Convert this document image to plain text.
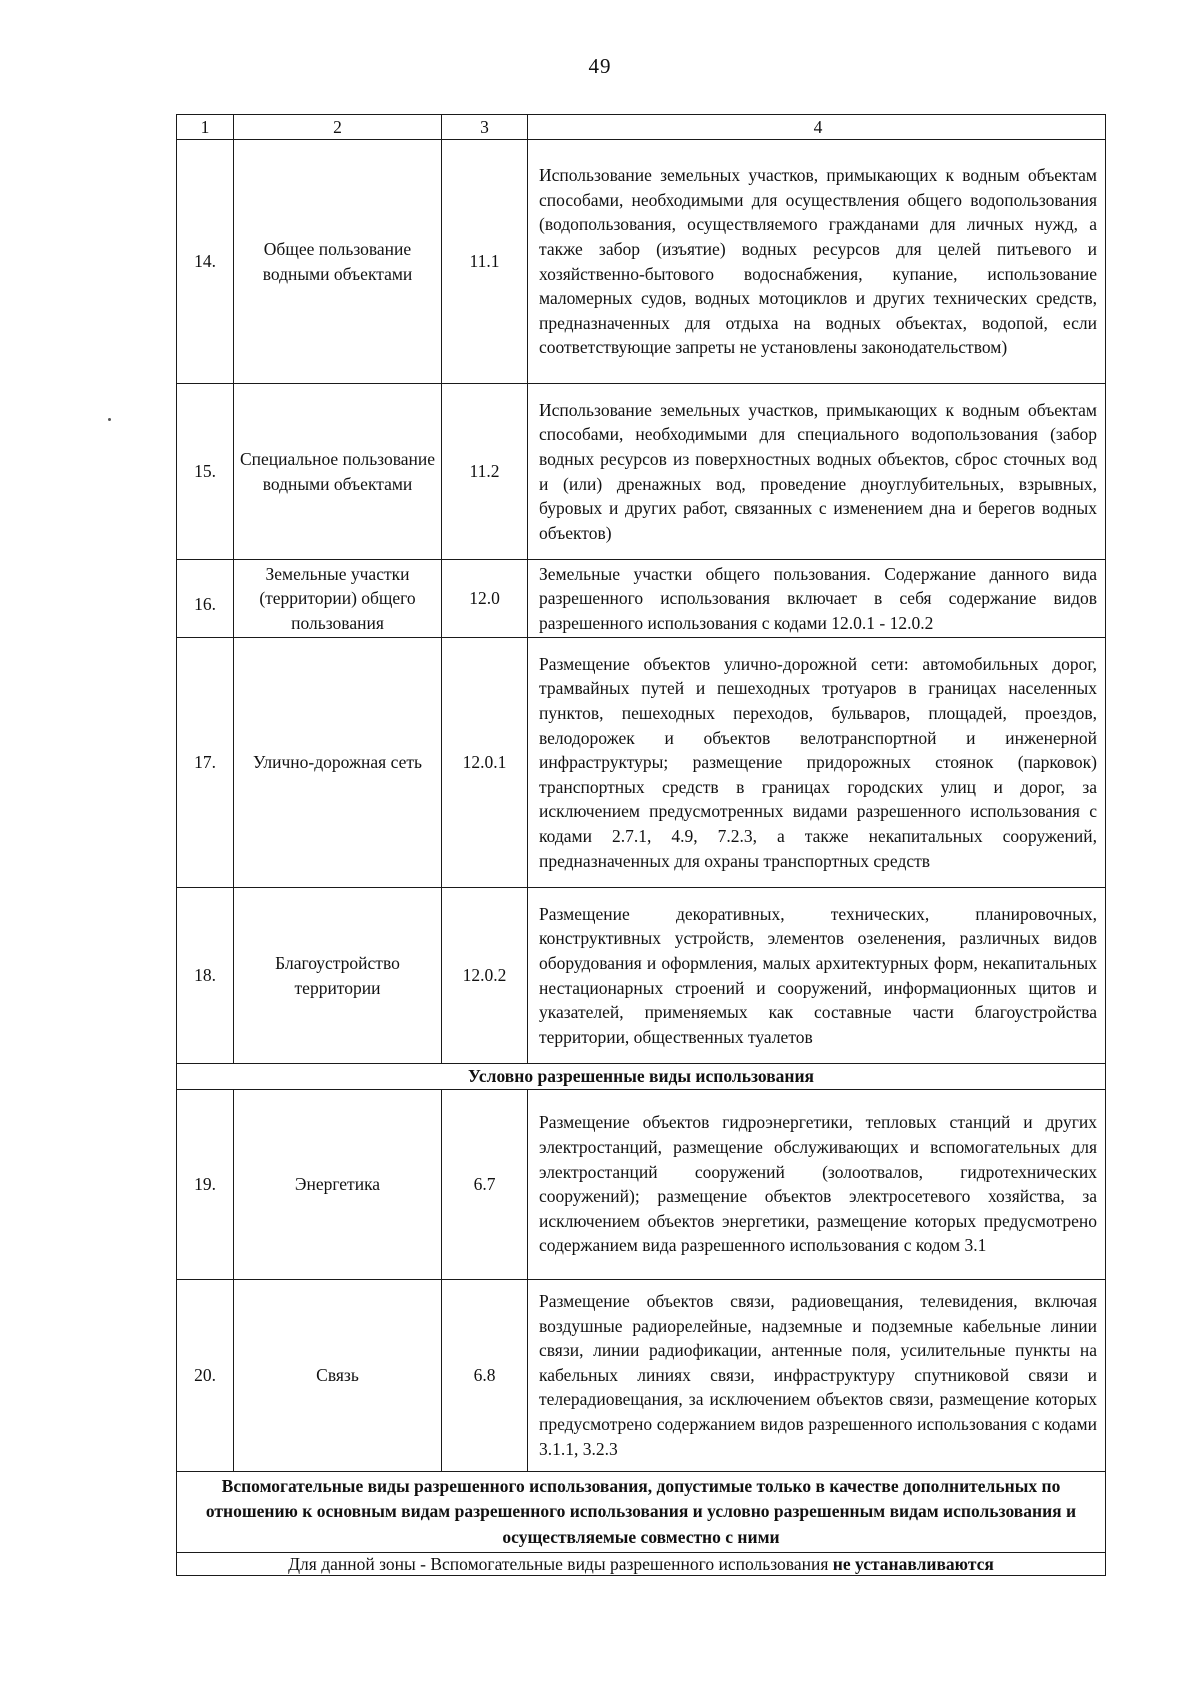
49
1	2	3	4
14.	Общее пользование водными объектами	11.1	Использование земельных участков, примыкающих к водным объектам способами, необходимыми для осуществления общего водопользования (водопользования, осуществляемого гражданами для личных нужд, а также забор (изъятие) водных ресурсов для целей питьевого и хозяйственно-бытового водоснабжения, купание, использование маломерных судов, водных мотоциклов и других технических средств, предназначенных для отдыха на водных объектах, водопой, если соответствующие запреты не установлены законодательством)
15.	Специальное пользование водными объектами	11.2	Использование земельных участков, примыкающих к водным объектам способами, необходимыми для специального водопользования (забор водных ресурсов из поверхностных водных объектов, сброс сточных вод и (или) дренажных вод, проведение дноуглубительных, взрывных, буровых и других работ, связанных с изменением дна и берегов водных объектов)
16.	Земельные участки (территории) общего пользования	12.0	Земельные участки общего пользования. Содержание данного вида разрешенного использования включает в себя содержание видов разрешенного использования с кодами 12.0.1 - 12.0.2
17.	Улично-дорожная сеть	12.0.1	Размещение объектов улично-дорожной сети: автомобильных дорог, трамвайных путей и пешеходных тротуаров в границах населенных пунктов, пешеходных переходов, бульваров, площадей, проездов, велодорожек и объектов велотранспортной и инженерной инфраструктуры; размещение придорожных стоянок (парковок) транспортных средств в границах городских улиц и дорог, за исключением предусмотренных видами разрешенного использования с кодами 2.7.1, 4.9, 7.2.3, а также некапитальных сооружений, предназначенных для охраны транспортных средств
18.	Благоустройство территории	12.0.2	Размещение декоративных, технических, планировочных, конструктивных устройств, элементов озеленения, различных видов оборудования и оформления, малых архитектурных форм, некапитальных нестационарных строений и сооружений, информационных щитов и указателей, применяемых как составные части благоустройства территории, общественных туалетов
Условно разрешенные виды использования			
19.	Энергетика	6.7	Размещение объектов гидроэнергетики, тепловых станций и других электростанций, размещение обслуживающих и вспомогательных для электростанций сооружений (золоотвалов, гидротехнических сооружений); размещение объектов электросетевого хозяйства, за исключением объектов энергетики, размещение которых предусмотрено содержанием вида разрешенного использования с кодом 3.1
20.	Связь	6.8	Размещение объектов связи, радиовещания, телевидения, включая воздушные радиорелейные, надземные и подземные кабельные линии связи, линии радиофикации, антенные поля, усилительные пункты на кабельных линиях связи, инфраструктуру спутниковой связи и телерадиовещания, за исключением объектов связи, размещение которых предусмотрено содержанием видов разрешенного использования с кодами 3.1.1, 3.2.3
Вспомогательные виды разрешенного использования, допустимые только в качестве дополнительных по отношению к основным видам разрешенного использования и условно разрешенным видам использования и осуществляемые совместно с ними			
Для данной зоны - Вспомогательные виды разрешенного использования не устанавливаются			
